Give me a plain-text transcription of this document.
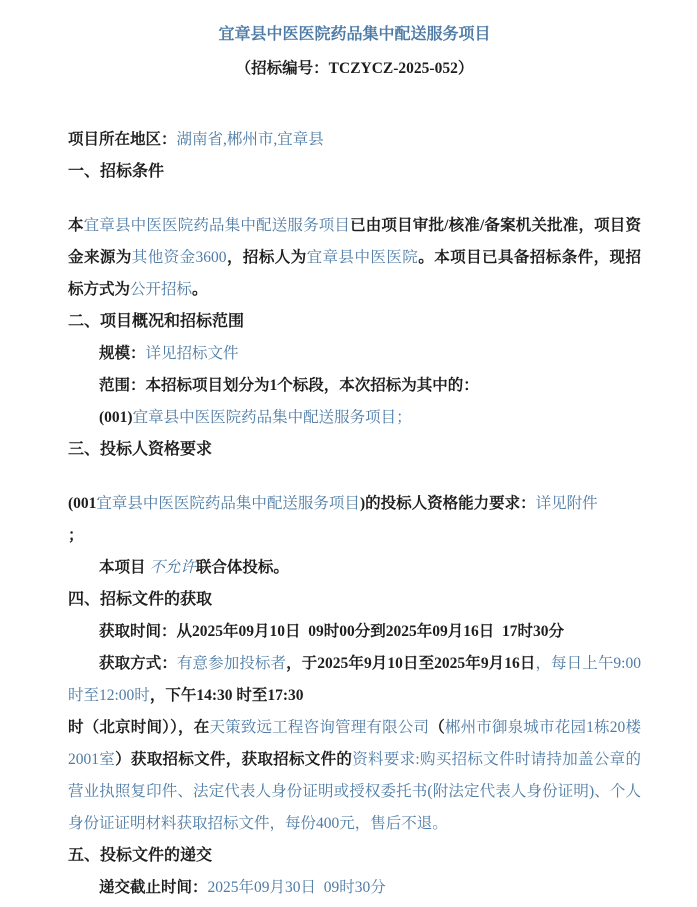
宜章县中医医院药品集中配送服务项目
（招标编号：TCZYCZ-2025-052）

项目所在地区：湖南省,郴州市,宜章县

一、招标条件

本宜章县中医医院药品集中配送服务项目已由项目审批/核准/备案机关批准，项目资金来源为其他资金3600，招标人为宜章县中医医院。本项目已具备招标条件，现招标方式为公开招标。

二、项目概况和招标范围

规模：详见招标文件

范围：本招标项目划分为1个标段，本次招标为其中的：

(001)宜章县中医医院药品集中配送服务项目；

三、投标人资格要求

(001宜章县中医医院药品集中配送服务项目)的投标人资格能力要求：详见附件

；

本项目 不允许联合体投标。

四、招标文件的获取

获取时间：从2025年09月10日  09时00分到2025年09月16日  17时30分

获取方式：有意参加投标者，于2025年9月10日至2025年9月16日，每日上午9:00时至12:00时，下午14:30 时至17:30
时（北京时间）），在天策致远工程咨询管理有限公司（郴州市御泉城市花园1栋20楼2001室）获取招标文件，获取招标文件的资料要求:购买招标文件时请持加盖公章的营业执照复印件、法定代表人身份证明或授权委托书(附法定代表人身份证明)、个人身份证证明材料获取招标文件，每份400元，售后不退。

五、投标文件的递交

递交截止时间：2025年09月30日  09时30分
